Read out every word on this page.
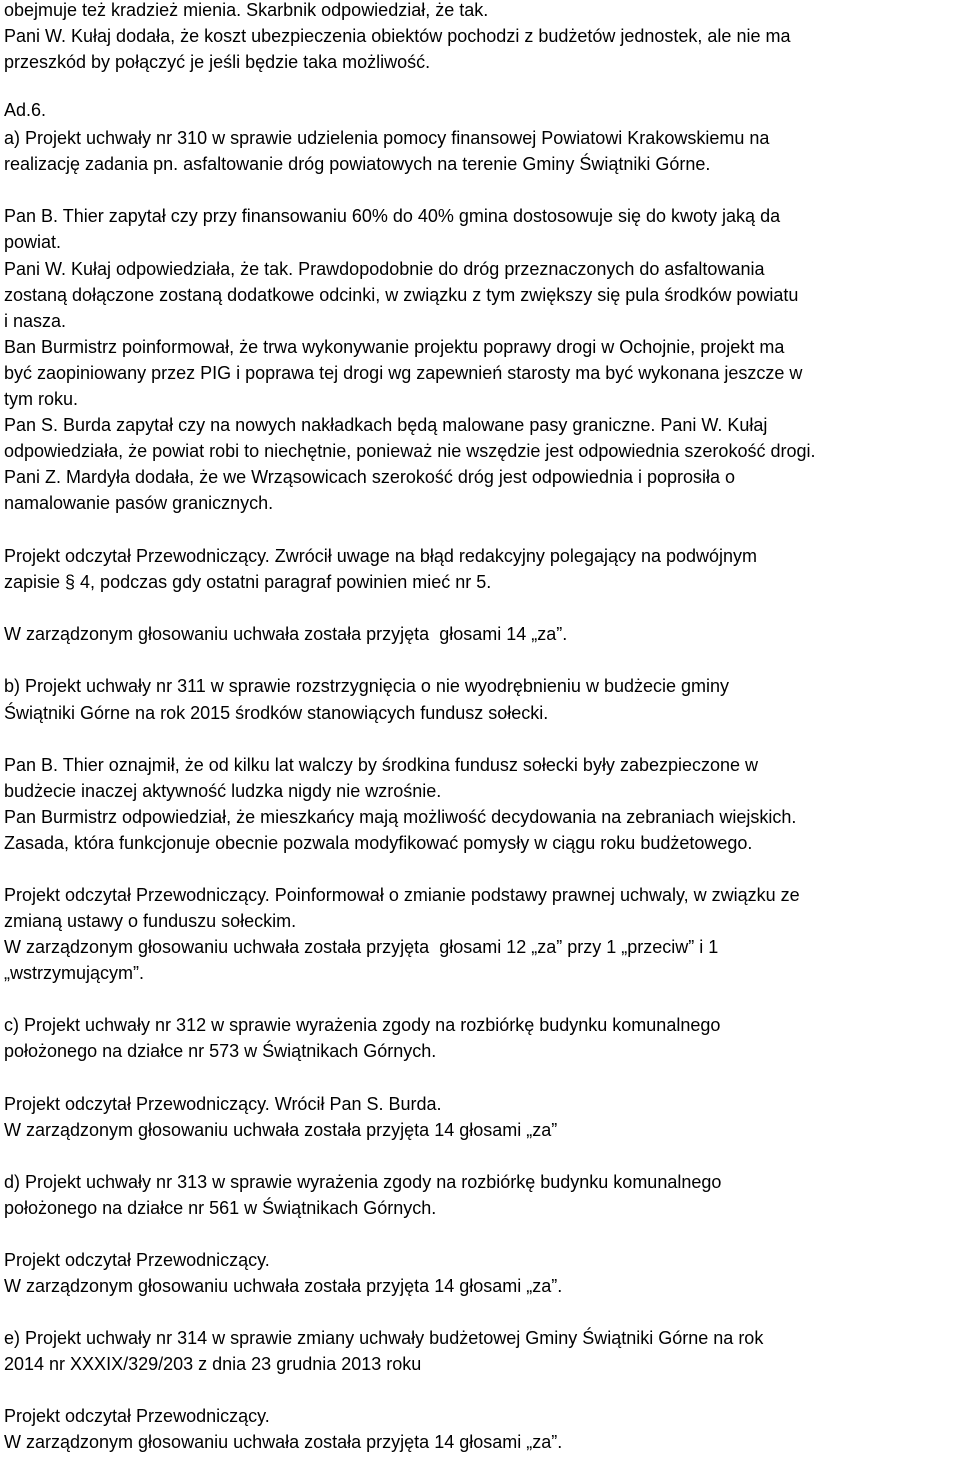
obejmuje też kradzież mienia. Skarbnik odpowiedział, że tak.
Pani W. Kułaj dodała, że koszt ubezpieczenia obiektów pochodzi z budżetów jednostek, ale nie ma
przeszkód by połączyć je jeśli będzie taka możliwość.
Ad.6.
a) Projekt uchwały nr 310 w sprawie udzielenia pomocy finansowej Powiatowi Krakowskiemu na
realizację zadania pn. asfaltowanie dróg powiatowych na terenie Gminy Świątniki Górne.
Pan B. Thier zapytał czy przy finansowaniu 60% do 40% gmina dostosowuje się do kwoty jaką da
powiat.
Pani W. Kułaj odpowiedziała, że tak. Prawdopodobnie do dróg przeznaczonych do asfaltowania
zostaną dołączone zostaną dodatkowe odcinki, w związku z tym zwiększy się pula środków powiatu
i nasza.
Ban Burmistrz poinformował, że trwa wykonywanie projektu poprawy drogi w Ochojnie, projekt ma
być zaopiniowany przez PIG i poprawa tej drogi wg zapewnień starosty ma być wykonana jeszcze w
tym roku.
Pan S. Burda zapytał czy na nowych nakładkach będą malowane pasy graniczne. Pani W. Kułaj
odpowiedziała, że powiat robi to niechętnie, ponieważ nie wszędzie jest odpowiednia szerokość drogi.
Pani Z. Mardyła dodała, że we Wrząsowicach szerokość dróg jest odpowiednia i poprosiła o
namalowanie pasów granicznych.
Projekt odczytał Przewodniczący. Zwrócił uwage na błąd redakcyjny polegający na podwójnym
zapisie § 4, podczas gdy ostatni paragraf powinien mieć nr 5.
W zarządzonym głosowaniu uchwała została przyjęta  głosami 14 „za”.
b) Projekt uchwały nr 311 w sprawie rozstrzygnięcia o nie wyodrębnieniu w budżecie gminy
Świątniki Górne na rok 2015 środków stanowiących fundusz sołecki.
Pan B. Thier oznajmił, że od kilku lat walczy by środkina fundusz sołecki były zabezpieczone w
budżecie inaczej aktywność ludzka nigdy nie wzrośnie.
Pan Burmistrz odpowiedział, że mieszkańcy mają możliwość decydowania na zebraniach wiejskich.
Zasada, która funkcjonuje obecnie pozwala modyfikować pomysły w ciągu roku budżetowego.
Projekt odczytał Przewodniczący. Poinformował o zmianie podstawy prawnej uchwaly, w związku ze
zmianą ustawy o funduszu sołeckim.
W zarządzonym głosowaniu uchwała została przyjęta  głosami 12 „za” przy 1 „przeciw” i 1
„wstrzymującym”.
c) Projekt uchwały nr 312 w sprawie wyrażenia zgody na rozbiórkę budynku komunalnego
położonego na działce nr 573 w Świątnikach Górnych.
Projekt odczytał Przewodniczący. Wrócił Pan S. Burda.
W zarządzonym głosowaniu uchwała została przyjęta 14 głosami „za”
d) Projekt uchwały nr 313 w sprawie wyrażenia zgody na rozbiórkę budynku komunalnego
położonego na działce nr 561 w Świątnikach Górnych.
Projekt odczytał Przewodniczący.
W zarządzonym głosowaniu uchwała została przyjęta 14 głosami „za”.
e) Projekt uchwały nr 314 w sprawie zmiany uchwały budżetowej Gminy Świątniki Górne na rok
2014 nr XXXIX/329/203 z dnia 23 grudnia 2013 roku
Projekt odczytał Przewodniczący.
W zarządzonym głosowaniu uchwała została przyjęta 14 głosami „za”.
